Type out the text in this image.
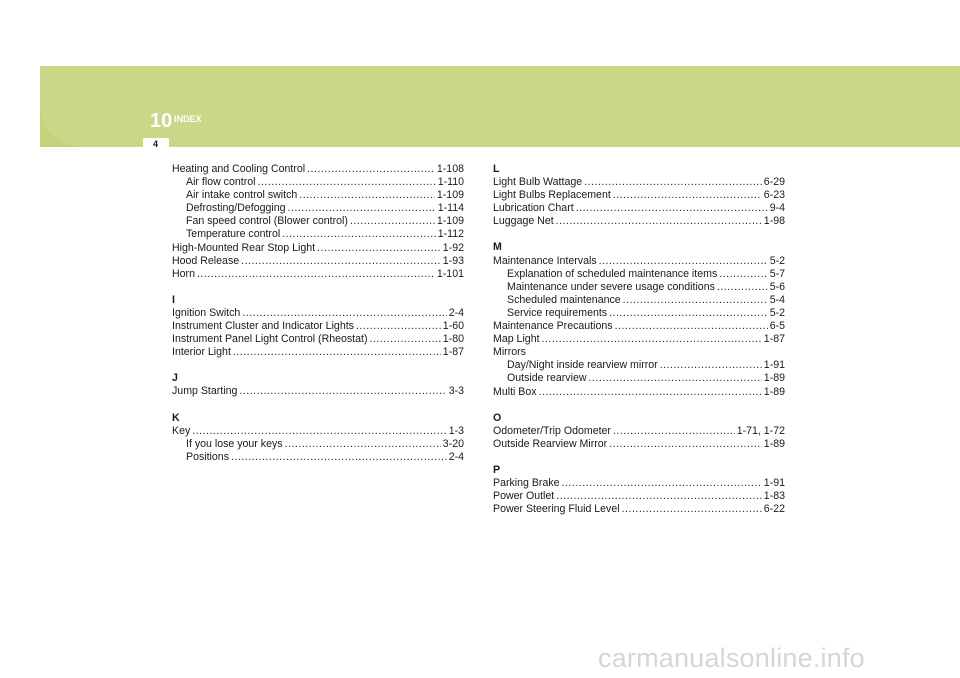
10 INDEX
4
Heating and Cooling Control .....	1-108
Air flow control .....	1-110
Air intake control switch .....	1-109
Defrosting/Defogging .....	1-114
Fan speed control (Blower control) .....	1-109
Temperature control .....	1-112
High-Mounted Rear Stop Light .....	1-92
Hood Release .....	1-93
Horn .....	1-101
I
Ignition Switch .....	2-4
Instrument Cluster and Indicator Lights .....	1-60
Instrument Panel Light Control (Rheostat) .....	1-80
Interior Light .....	1-87
J
Jump Starting .....	3-3
K
Key .....	1-3
If you lose your keys .....	3-20
Positions .....	2-4
L
Light Bulb Wattage .....	6-29
Light Bulbs Replacement .....	6-23
Lubrication Chart .....	9-4
Luggage Net .....	1-98
M
Maintenance Intervals .....	5-2
Explanation of scheduled maintenance items .....	5-7
Maintenance under severe usage conditions .....	5-6
Scheduled maintenance .....	5-4
Service requirements .....	5-2
Maintenance Precautions .....	6-5
Map Light .....	1-87
Mirrors
Day/Night inside rearview mirror .....	1-91
Outside rearview .....	1-89
Multi Box .....	1-89
O
Odometer/Trip Odometer .....	1-71, 1-72
Outside Rearview Mirror .....	1-89
P
Parking Brake .....	1-91
Power Outlet .....	1-83
Power Steering Fluid Level .....	6-22
carmanualsonline.info
